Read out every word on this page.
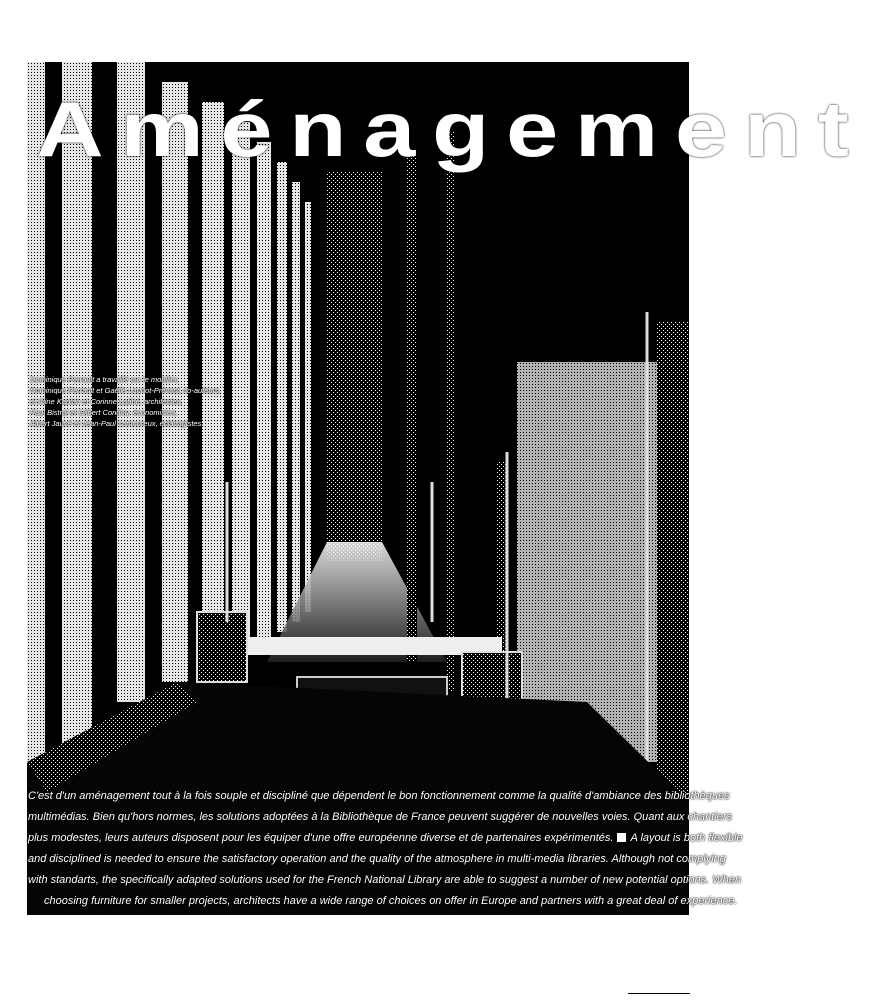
Aménagement
Dominique Perrault a travaillé sur le mobilier,
Dominique Perrault et Gaëlle Lauriot-Prévost, co-auteurs,
et Aline Kaplan et Corinne Labbé, architectes,
Paul Bistral et Gilbert Condou, économistes,
Albert Jauvé et Jean-Paul Lamoureux, éclairagistes.
C'est d'un aménagement tout à la fois souple et discipliné que dépendent le bon fonctionnement comme la qualité d'ambiance des bibliothèques
multimédias. Bien qu'hors normes, les solutions adoptées à la Bibliothèque de France peuvent suggérer de nouvelles voies. Quant aux chantiers
plus modestes, leurs auteurs disposent pour les équiper d'une offre européenne diverse et de partenaires expérimentés. A layout is both flexible
and disciplined is needed to ensure the satisfactory operation and the quality of the atmosphere in multi-media libraries. Although not complying
with standarts, the specifically adapted solutions used for the French National Library are able to suggest a number of new potential options. When
choosing furniture for smaller projects, architects have a wide range of choices on offer in Europe and partners with a great deal of experience.
